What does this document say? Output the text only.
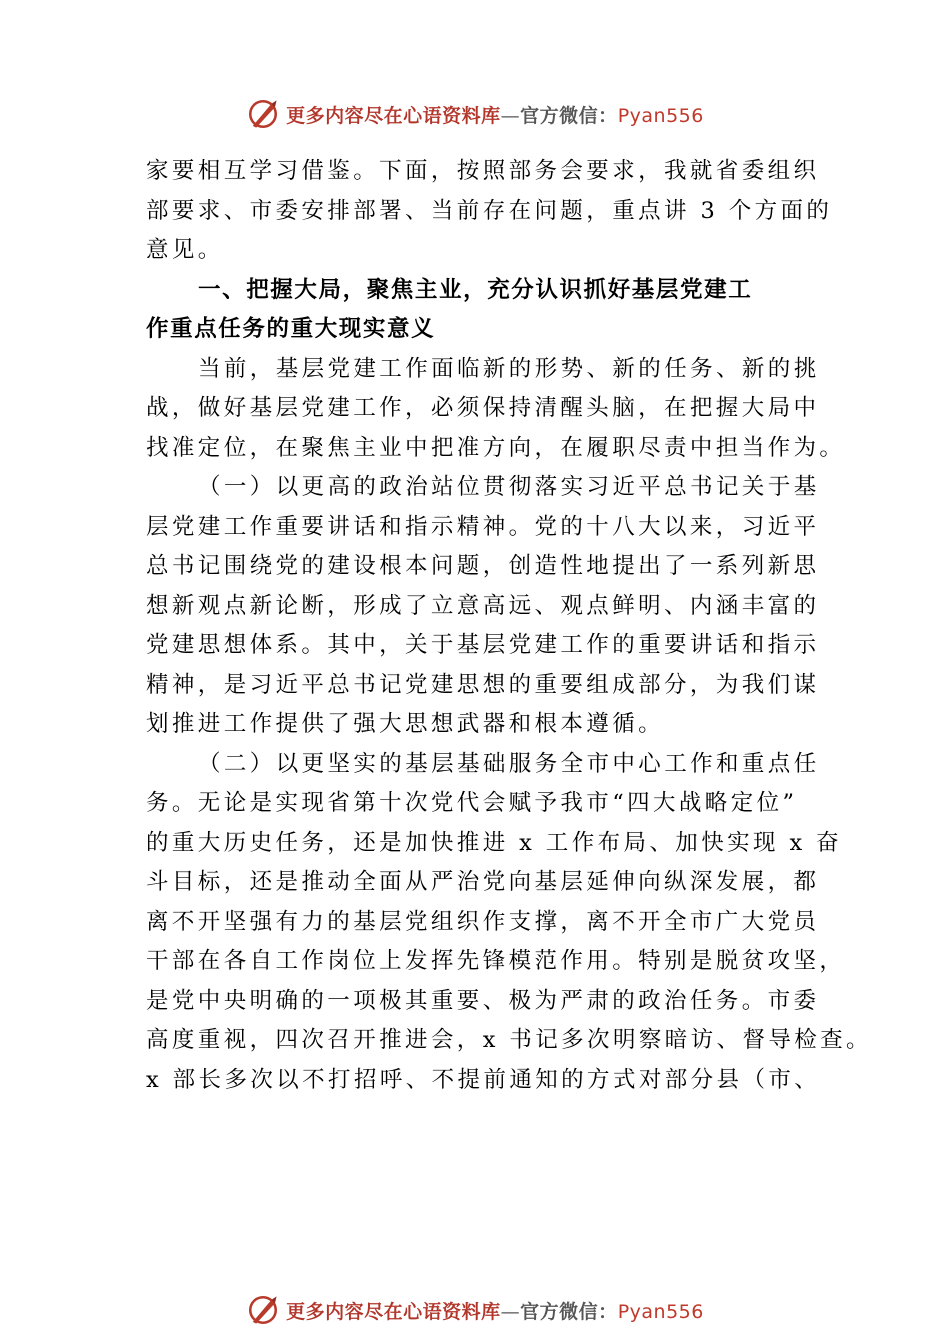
更多内容尽在心语资料库—官方微信：Pyan556
家要相互学习借鉴。下面，按照部务会要求，我就省委组织
部要求、市委安排部署、当前存在问题，重点讲 3 个方面的
意见。
一、把握大局，聚焦主业，充分认识抓好基层党建工
作重点任务的重大现实意义
当前，基层党建工作面临新的形势、新的任务、新的挑
战，做好基层党建工作，必须保持清醒头脑，在把握大局中
找准定位，在聚焦主业中把准方向，在履职尽责中担当作为。
（一）以更高的政治站位贯彻落实习近平总书记关于基
层党建工作重要讲话和指示精神。党的十八大以来，习近平
总书记围绕党的建设根本问题，创造性地提出了一系列新思
想新观点新论断，形成了立意高远、观点鲜明、内涵丰富的
党建思想体系。其中，关于基层党建工作的重要讲话和指示
精神，是习近平总书记党建思想的重要组成部分，为我们谋
划推进工作提供了强大思想武器和根本遵循。
（二）以更坚实的基层基础服务全市中心工作和重点任
务。无论是实现省第十次党代会赋予我市“四大战略定位”
的重大历史任务，还是加快推进 x 工作布局、加快实现 x 奋
斗目标，还是推动全面从严治党向基层延伸向纵深发展，都
离不开坚强有力的基层党组织作支撑，离不开全市广大党员
干部在各自工作岗位上发挥先锋模范作用。特别是脱贫攻坚，
是党中央明确的一项极其重要、极为严肃的政治任务。市委
高度重视，四次召开推进会，x 书记多次明察暗访、督导检查。
x 部长多次以不打招呼、不提前通知的方式对部分县（市、
更多内容尽在心语资料库—官方微信：Pyan556
